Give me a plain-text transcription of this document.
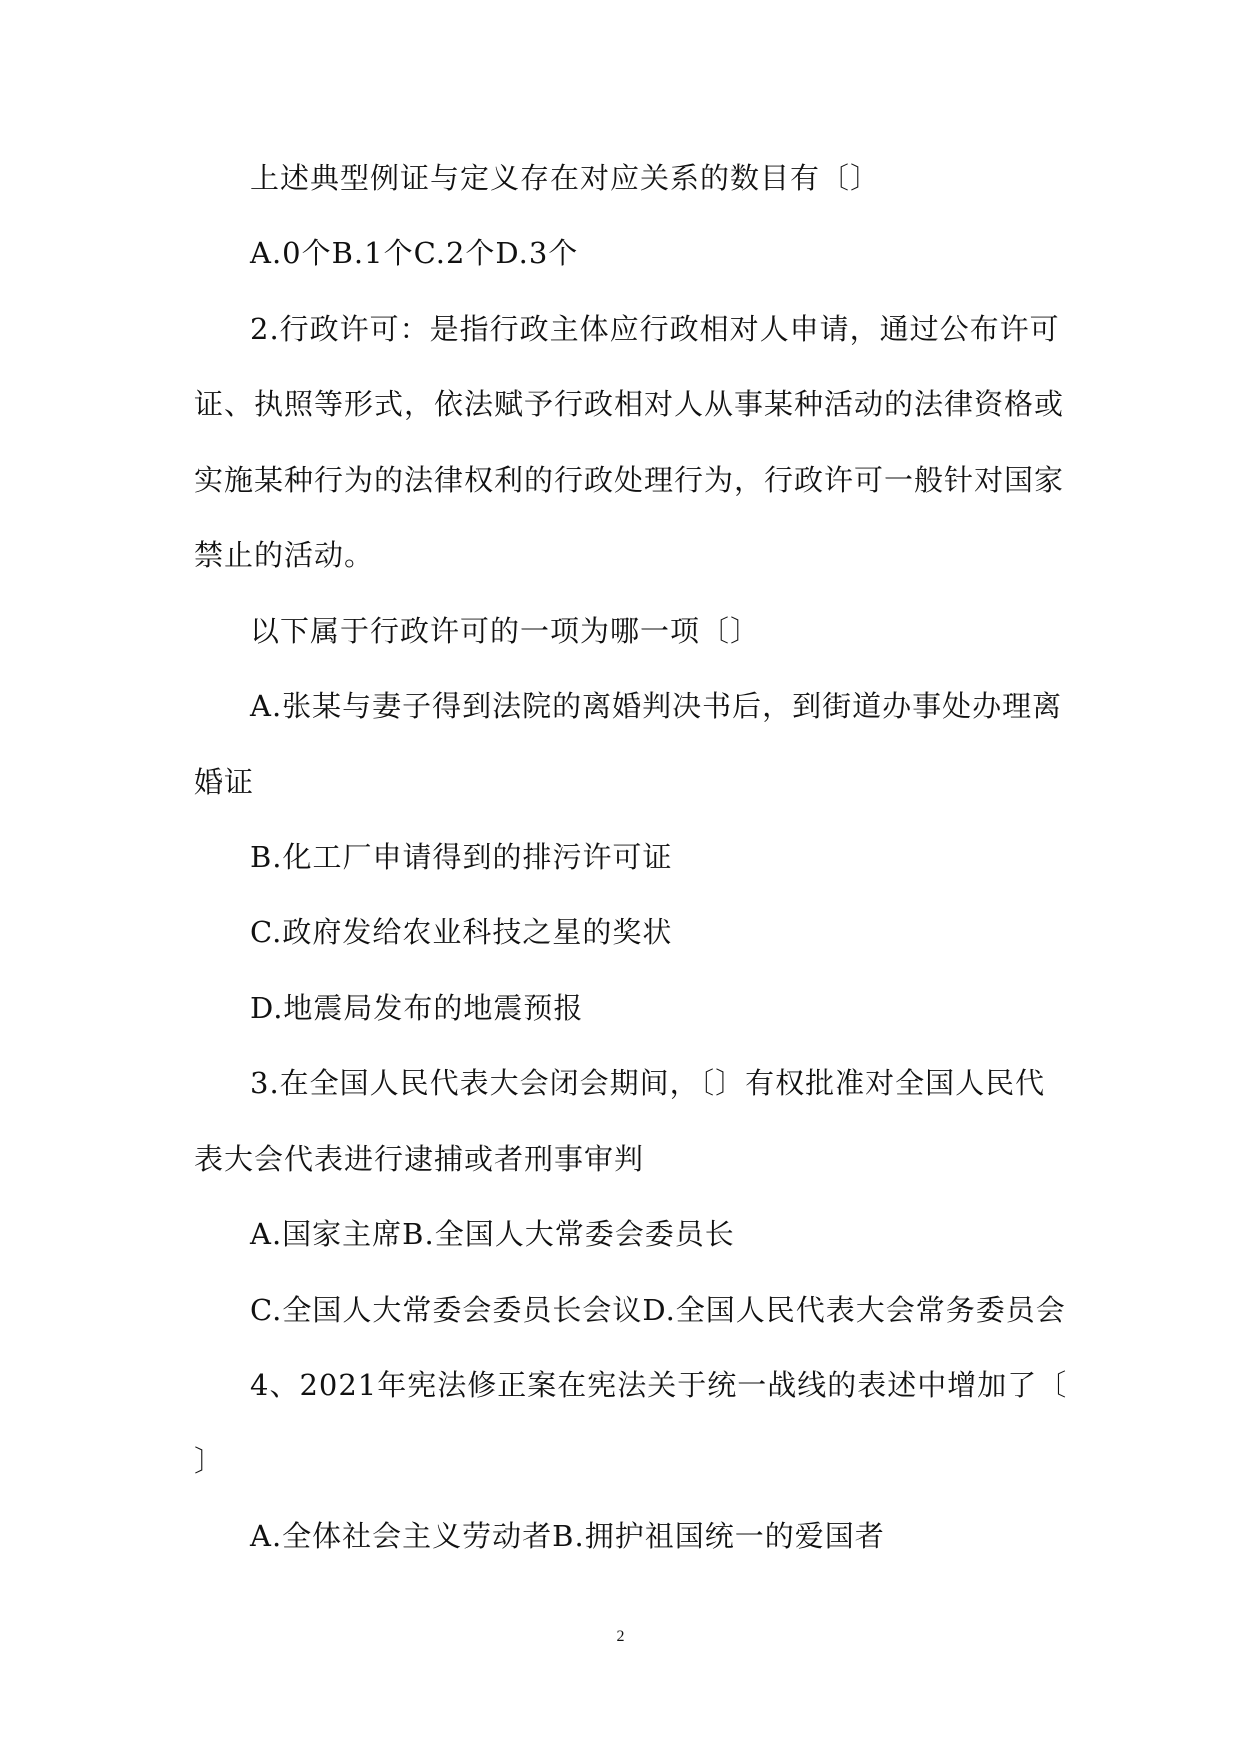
上述典型例证与定义存在对应关系的数目有〔〕
A.0个B.1个C.2个D.3个
2.行政许可：是指行政主体应行政相对人申请，通过公布许可
证、执照等形式，依法赋予行政相对人从事某种活动的法律资格或
实施某种行为的法律权利的行政处理行为，行政许可一般针对国家
禁止的活动。
以下属于行政许可的一项为哪一项〔〕
A.张某与妻子得到法院的离婚判决书后，到街道办事处办理离
婚证
B.化工厂申请得到的排污许可证
C.政府发给农业科技之星的奖状
D.地震局发布的地震预报
3.在全国人民代表大会闭会期间，〔〕有权批准对全国人民代
表大会代表进行逮捕或者刑事审判
A.国家主席B.全国人大常委会委员长
C.全国人大常委会委员长会议D.全国人民代表大会常务委员会
4、2021年宪法修正案在宪法关于统一战线的表述中增加了〔
〕
A.全体社会主义劳动者B.拥护祖国统一的爱国者
2
